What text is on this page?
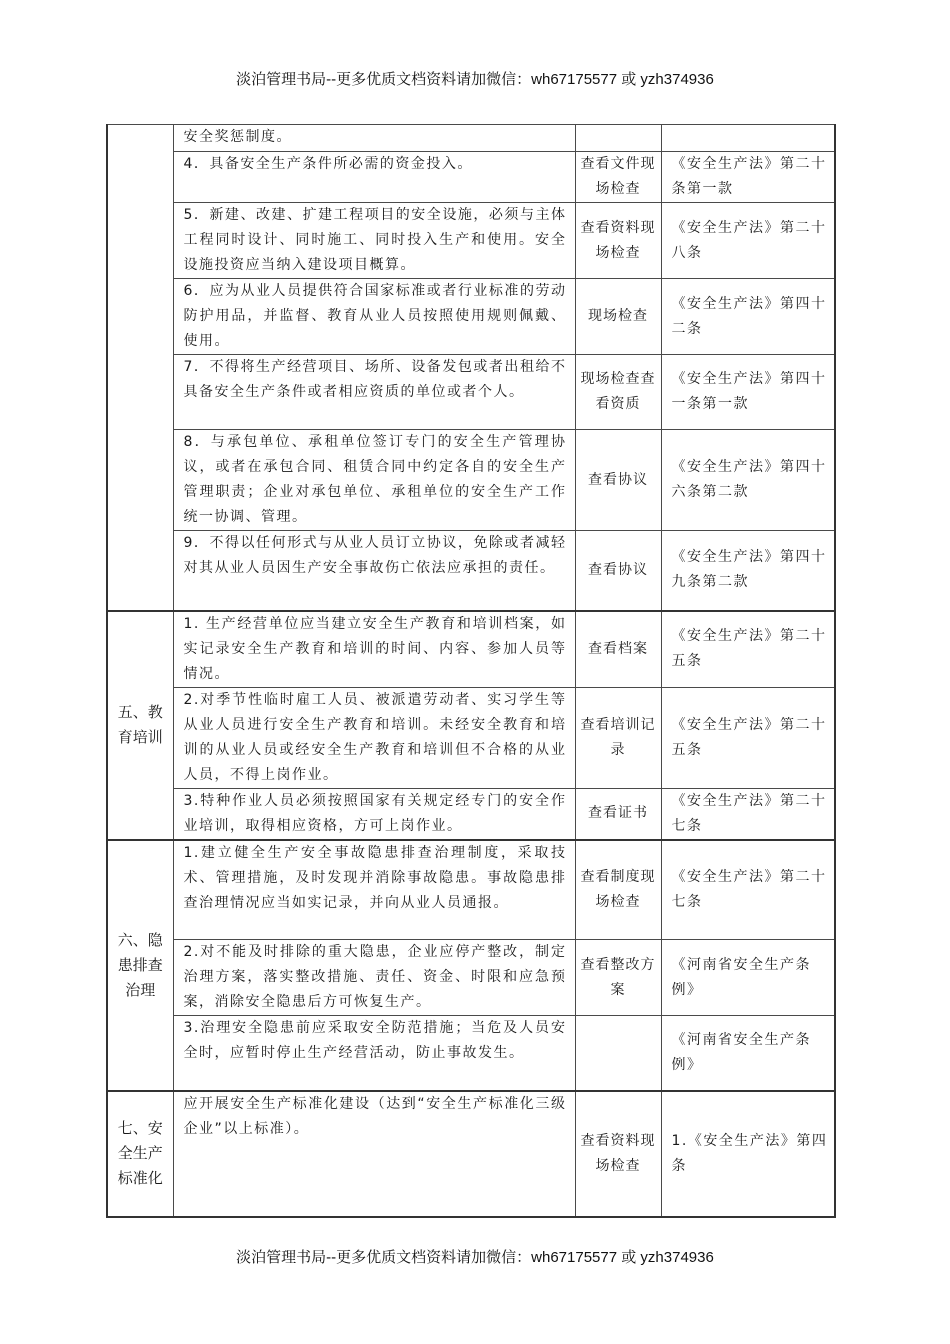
淡泊管理书局--更多优质文档资料请加微信：wh67175577 或 yzh374936
	安全奖惩制度。		
	4．具备安全生产条件所必需的资金投入。	查看文件现场检查	《安全生产法》第二十条第一款
	5．新建、改建、扩建工程项目的安全设施，必须与主体工程同时设计、同时施工、同时投入生产和使用。安全设施投资应当纳入建设项目概算。	查看资料现场检查	《安全生产法》第二十八条
	6．应为从业人员提供符合国家标准或者行业标准的劳动防护用品，并监督、教育从业人员按照使用规则佩戴、使用。	现场检查	《安全生产法》第四十二条
	7．不得将生产经营项目、场所、设备发包或者出租给不具备安全生产条件或者相应资质的单位或者个人。	现场检查查看资质	《安全生产法》第四十一条第一款
	8．与承包单位、承租单位签订专门的安全生产管理协议，或者在承包合同、租赁合同中约定各自的安全生产管理职责；企业对承包单位、承租单位的安全生产工作统一协调、管理。	查看协议	《安全生产法》第四十六条第二款
	9．不得以任何形式与从业人员订立协议，免除或者减轻对其从业人员因生产安全事故伤亡依法应承担的责任。	查看协议	《安全生产法》第四十九条第二款
五、教育培训	1. 生产经营单位应当建立安全生产教育和培训档案，如实记录安全生产教育和培训的时间、内容、参加人员等情况。	查看档案	《安全生产法》第二十五条
	2.对季节性临时雇工人员、被派遣劳动者、实习学生等从业人员进行安全生产教育和培训。未经安全教育和培训的从业人员或经安全生产教育和培训但不合格的从业人员，不得上岗作业。	查看培训记录	《安全生产法》第二十五条
	3.特种作业人员必须按照国家有关规定经专门的安全作业培训，取得相应资格，方可上岗作业。	查看证书	《安全生产法》第二十七条
六、隐患排查治理	1.建立健全生产安全事故隐患排查治理制度，采取技术、管理措施，及时发现并消除事故隐患。事故隐患排查治理情况应当如实记录，并向从业人员通报。	查看制度现场检查	《安全生产法》第二十七条
	2.对不能及时排除的重大隐患，企业应停产整改，制定治理方案，落实整改措施、责任、资金、时限和应急预案，消除安全隐患后方可恢复生产。	查看整改方案	《河南省安全生产条例》
	3.治理安全隐患前应采取安全防范措施；当危及人员安全时，应暂时停止生产经营活动，防止事故发生。		《河南省安全生产条例》
七、安全生产标准化	应开展安全生产标准化建设（达到“安全生产标准化三级企业”以上标准）。	查看资料现场检查	1.《安全生产法》第四条
淡泊管理书局--更多优质文档资料请加微信：wh67175577 或 yzh374936
